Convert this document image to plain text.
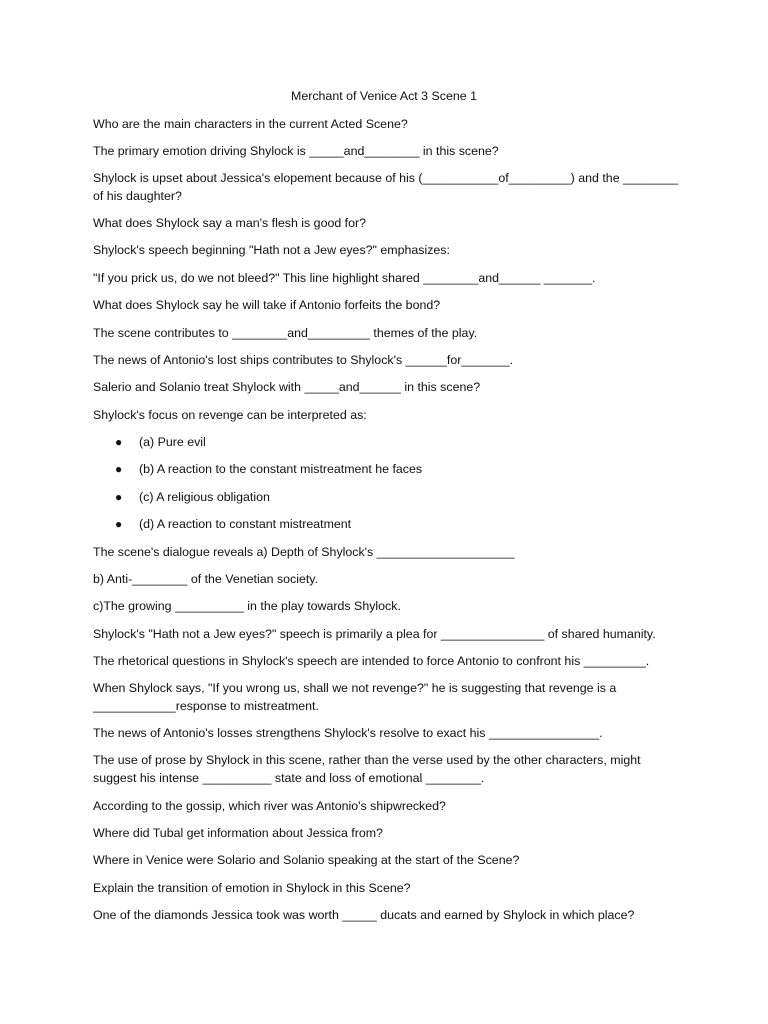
Merchant of Venice Act 3 Scene 1
Who are the main characters in the current Acted Scene?
The primary emotion driving Shylock is _____and________ in this scene?
Shylock is upset about Jessica's elopement because of his (___________of_________) and the ________ of his daughter?
What does Shylock say a man's flesh is good for?
Shylock's speech beginning "Hath not a Jew eyes?" emphasizes:
"If you prick us, do we not bleed?" This line highlight shared ________and______ _______.
What does Shylock say he will take if Antonio forfeits the bond?
The scene contributes to ________and_________ themes of the play.
The news of Antonio's lost ships contributes to Shylock's ______for_______.
Salerio and Solanio treat Shylock with _____and______ in this scene?
Shylock's focus on revenge can be interpreted as:
● (a) Pure evil
● (b) A reaction to the constant mistreatment he faces
● (c) A religious obligation
● (d) A reaction to constant mistreatment
The scene's dialogue reveals a) Depth of Shylock's ____________________
b) Anti-________ of the Venetian society.
c)The growing __________ in the play towards Shylock.
Shylock's "Hath not a Jew eyes?" speech is primarily a plea for _______________ of shared humanity.
The rhetorical questions in Shylock's speech are intended to force Antonio to confront his _________.
When Shylock says, "If you wrong us, shall we not revenge?" he is suggesting that revenge is a ____________response to mistreatment.
The news of Antonio's losses strengthens Shylock's resolve to exact his ________________.
The use of prose by Shylock in this scene, rather than the verse used by the other characters, might suggest his intense __________ state and loss of emotional ________.
According to the gossip, which river was Antonio's shipwrecked?
Where did Tubal get information about Jessica from?
Where in Venice were Solario and Solanio speaking at the start of the Scene?
Explain the transition of emotion in Shylock in this Scene?
One of the diamonds Jessica took was worth _____ ducats and earned by Shylock in which place?
